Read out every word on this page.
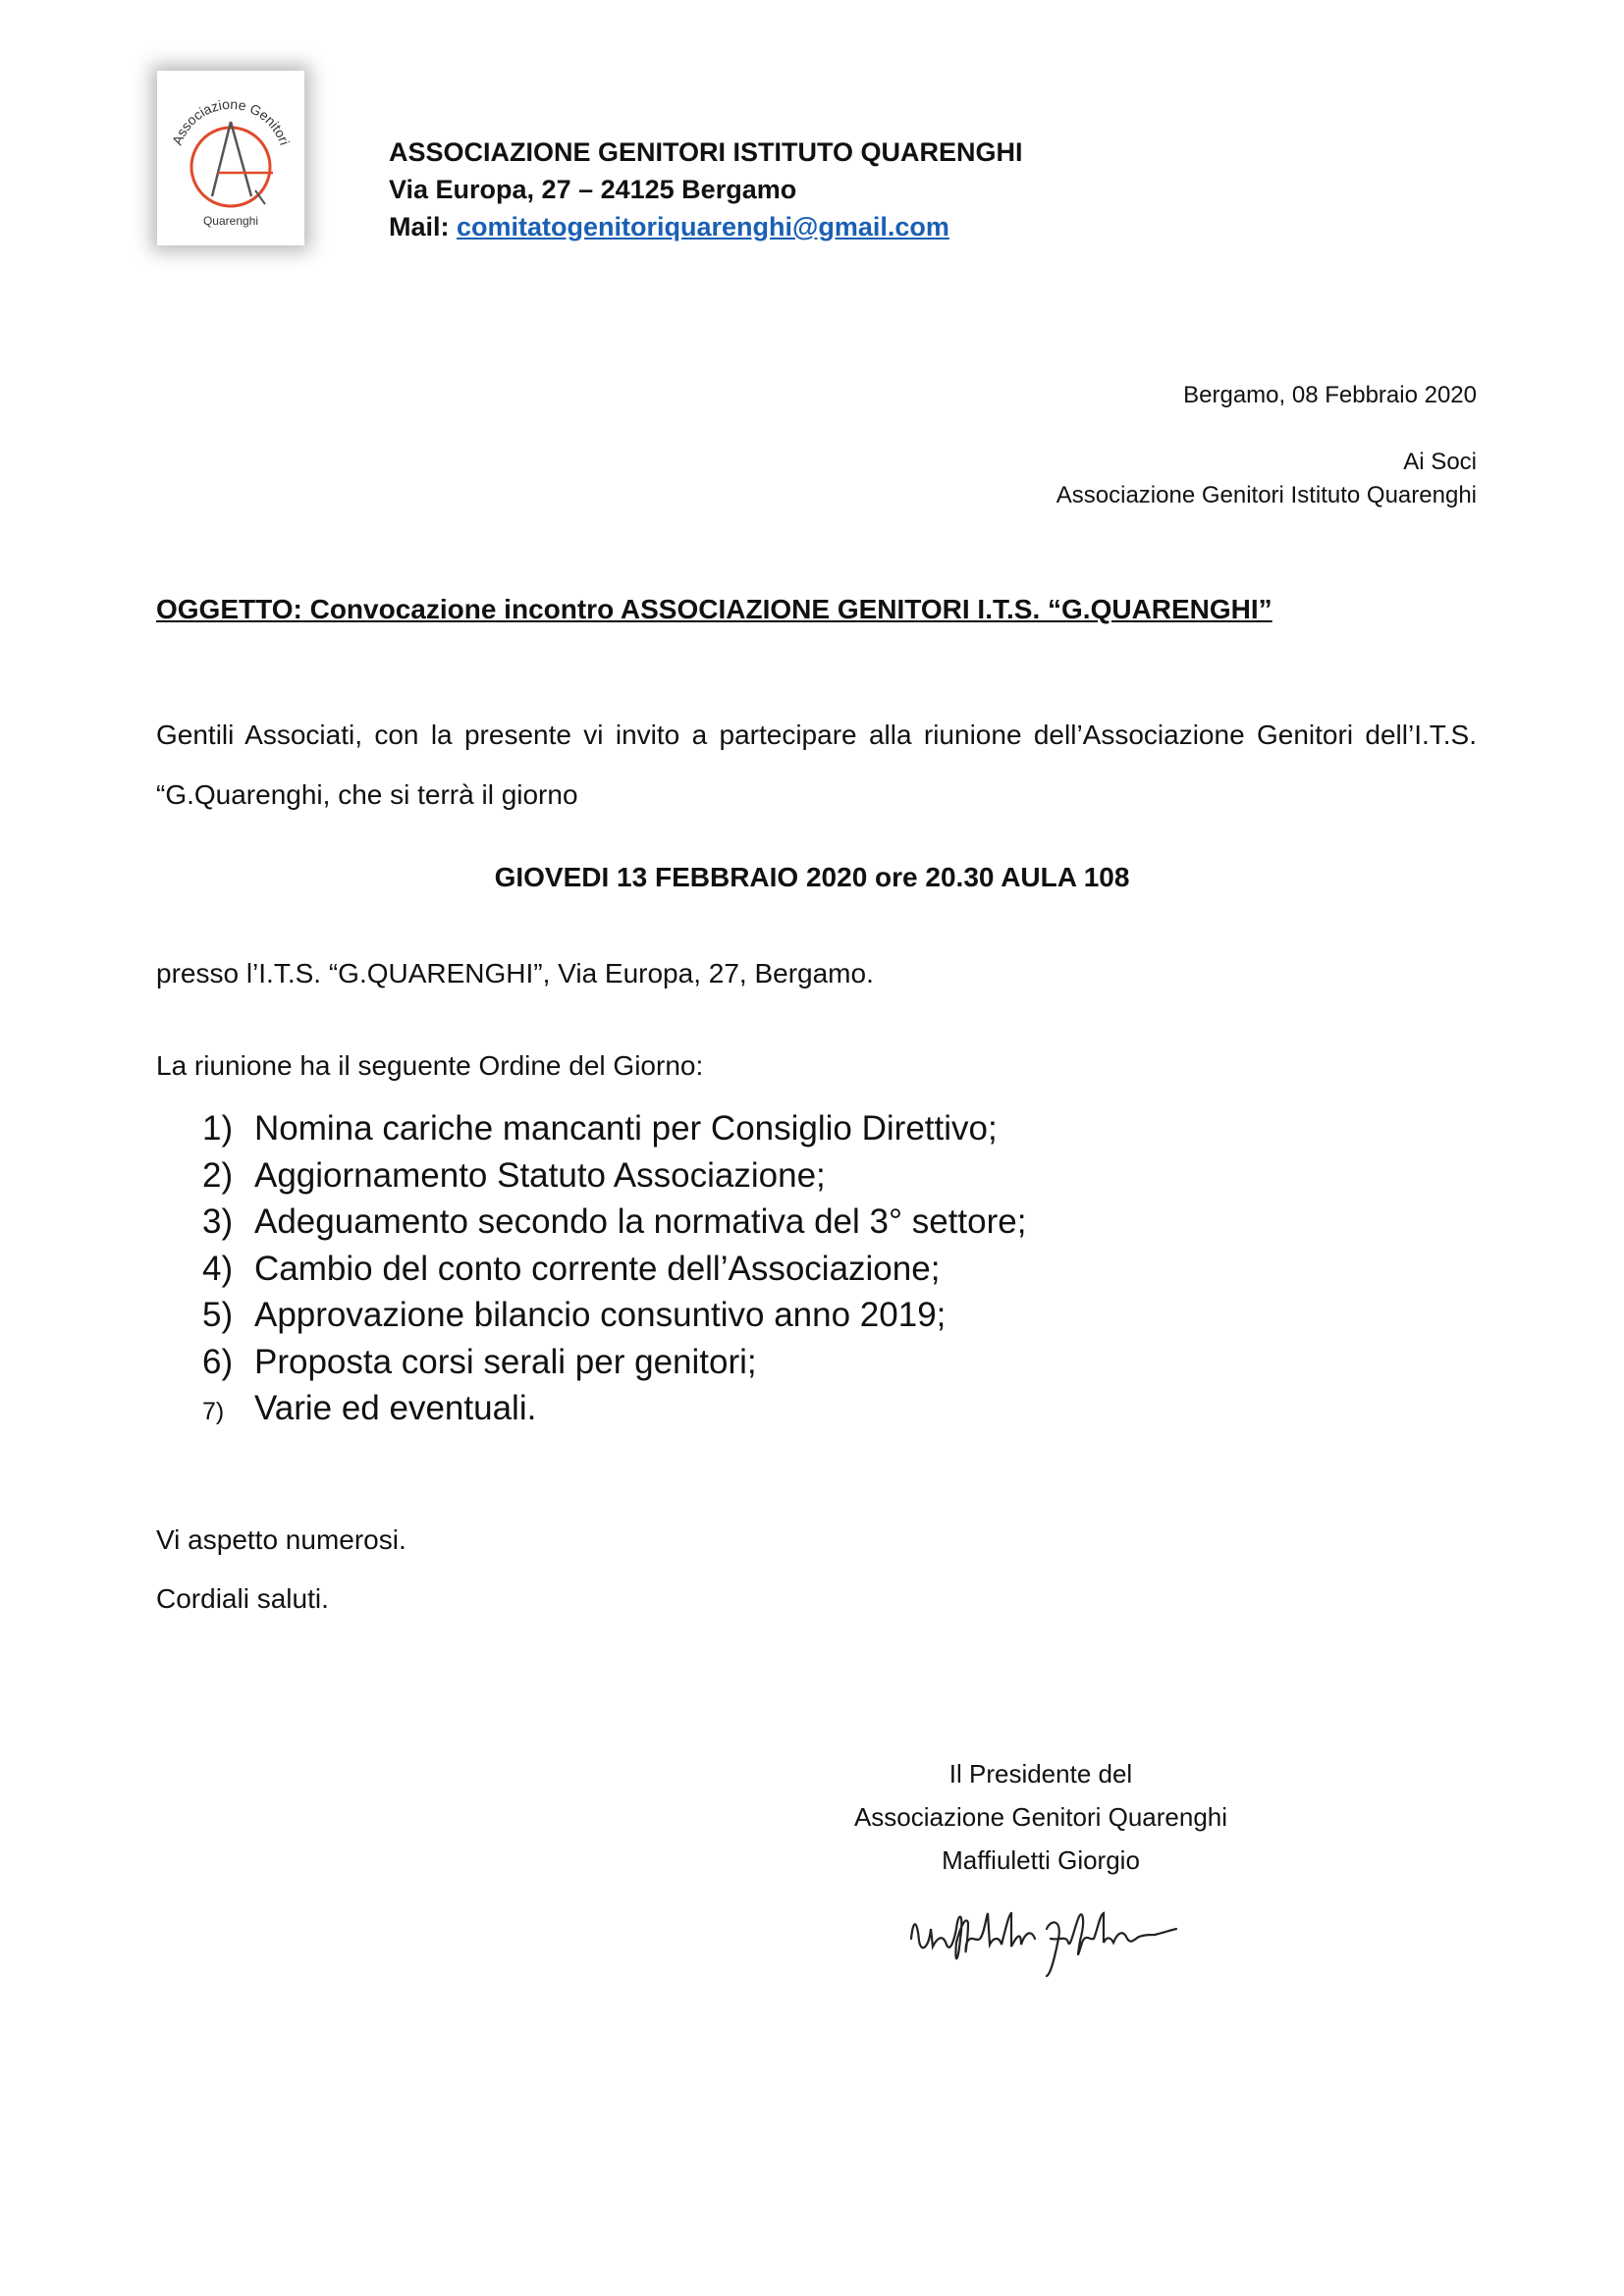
Associazione Genitori
Quarenghi
ASSOCIAZIONE GENITORI ISTITUTO QUARENGHI
Via Europa, 27 – 24125 Bergamo
Mail: comitatogenitoriquarenghi@gmail.com
Bergamo, 08 Febbraio 2020
Ai Soci
Associazione Genitori Istituto Quarenghi
OGGETTO: Convocazione incontro ASSOCIAZIONE GENITORI I.T.S. “G.QUARENGHI”
Gentili Associati, con la presente vi invito a partecipare alla riunione dell’Associazione Genitori dell’I.T.S. “G.Quarenghi, che si terrà il giorno
GIOVEDI 13 FEBBRAIO 2020 ore 20.30 AULA 108
presso l’I.T.S. “G.QUARENGHI”, Via Europa, 27, Bergamo.
La riunione ha il seguente Ordine del Giorno:
1) Nomina cariche mancanti per Consiglio Direttivo;
2) Aggiornamento Statuto Associazione;
3) Adeguamento secondo la normativa del 3° settore;
4) Cambio del conto corrente dell’Associazione;
5) Approvazione bilancio consuntivo anno 2019;
6) Proposta corsi serali per genitori;
7) Varie ed eventuali.
Vi aspetto numerosi.
Cordiali saluti.
Il Presidente del
Associazione Genitori Quarenghi
Maffiuletti Giorgio
